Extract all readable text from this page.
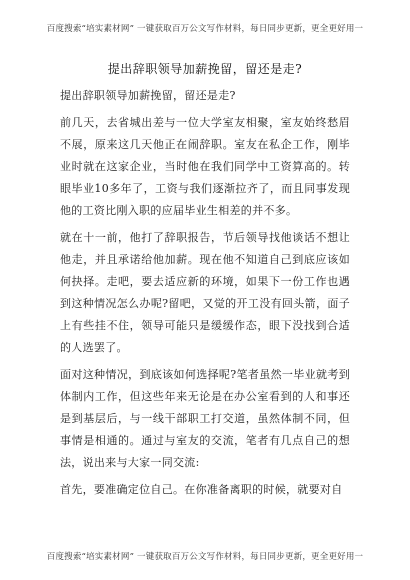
百度搜索“培实素材网” 一键获取百万公文写作材料，每日同步更新，更全更好用一
提出辞职领导加薪挽留，留还是走?

提出辞职领导加薪挽留，留还是走?

前几天，去省城出差与一位大学室友相聚，室友始终愁眉不展，原来这几天他正在闹辞职。室友在私企工作，刚毕业时就在这家企业，当时他在我们同学中工资算高的。转眼毕业10多年了，工资与我们逐渐拉齐了，而且同事发现他的工资比刚入职的应届毕业生相差的并不多。

就在十一前，他打了辞职报告，节后领导找他谈话不想让他走，并且承诺给他加薪。现在他不知道自己到底应该如何抉择。走吧，要去适应新的环境，如果下一份工作也遇到这种情况怎么办呢?留吧，又觉的开工没有回头箭，面子上有些挂不住，领导可能只是缓缓作态，眼下没找到合适的人选罢了。

面对这种情况，到底该如何选择呢?笔者虽然一毕业就考到体制内工作，但这些年来无论是在办公室看到的人和事还是到基层后，与一线干部职工打交道，虽然体制不同，但事情是相通的。通过与室友的交流，笔者有几点自己的想法，说出来与大家一同交流:

首先，要准确定位自己。在你准备离职的时候，就要对自

百度搜索“培实素材网” 一键获取百万公文写作材料，每日同步更新，更全更好用一
